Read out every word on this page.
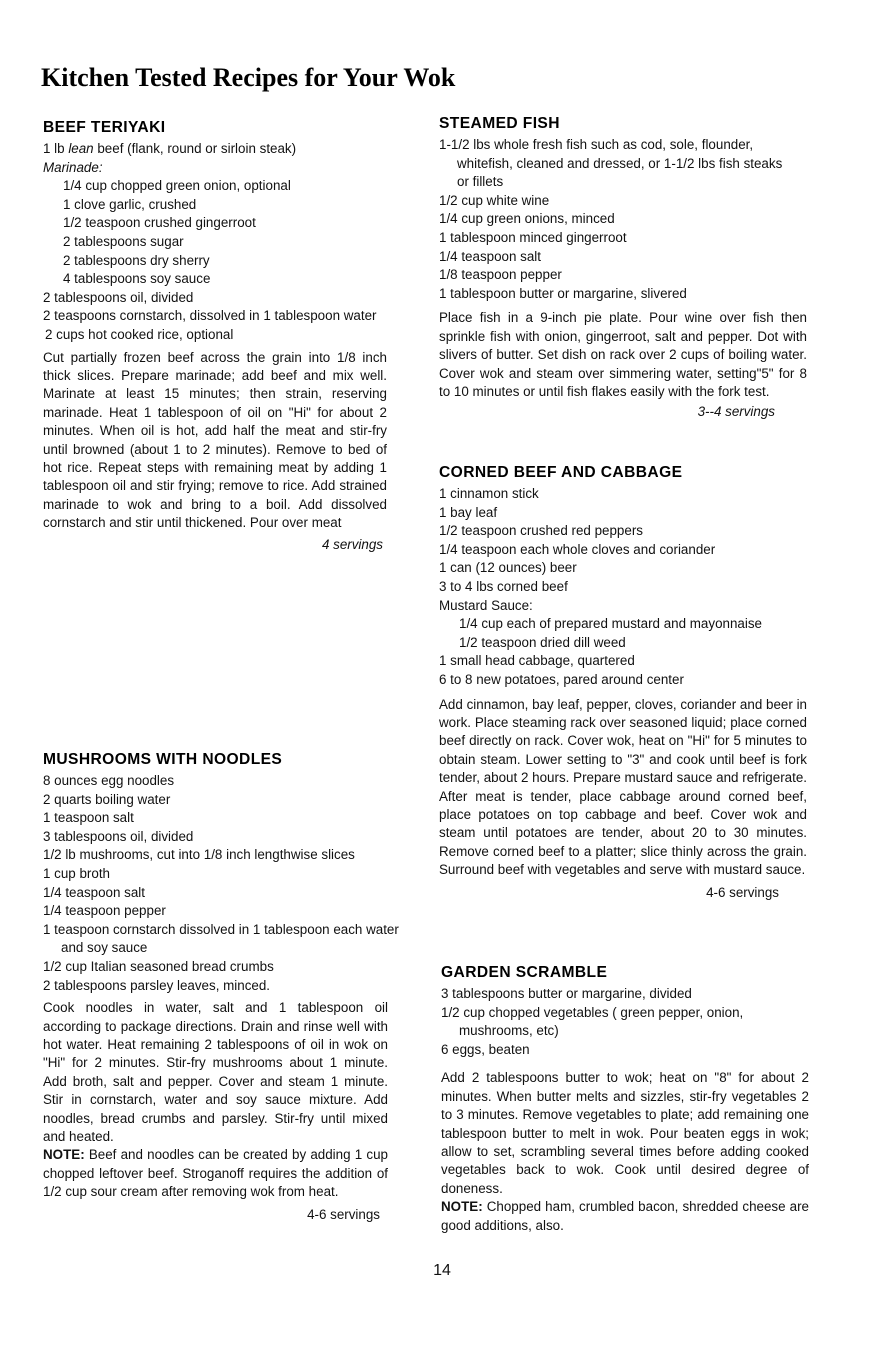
Kitchen Tested Recipes for Your Wok
BEEF TERIYAKI
1 lb lean beef (flank, round or sirloin steak)
Marinade:
1/4 cup chopped green onion, optional
1 clove garlic, crushed
1/2 teaspoon crushed gingerroot
2 tablespoons sugar
2 tablespoons dry sherry
4 tablespoons soy sauce
2 tablespoons oil, divided
2 teaspoons cornstarch, dissolved in 1 tablespoon water
2 cups hot cooked rice, optional

Cut partially frozen beef across the grain into 1/8 inch thick slices. Prepare marinade; add beef and mix well. Marinate at least 15 minutes; then strain, reserving marinade. Heat 1 tablespoon of oil on "Hi" for about 2 minutes. When oil is hot, add half the meat and stir-fry until browned (about 1 to 2 minutes). Remove to bed of hot rice. Repeat steps with remaining meat by adding 1 tablespoon oil and stir frying; remove to rice. Add strained marinade to wok and bring to a boil. Add dissolved cornstarch and stir until thickened. Pour over meat

4 servings

MUSHROOMS WITH NOODLES
8 ounces egg noodles
2 quarts boiling water
1 teaspoon salt
3 tablespoons oil, divided
1/2 lb mushrooms, cut into 1/8 inch lengthwise slices
1 cup broth
1/4 teaspoon salt
1/4 teaspoon pepper
1 teaspoon cornstarch dissolved in 1 tablespoon each water and soy sauce
1/2 cup Italian seasoned bread crumbs
2 tablespoons parsley leaves, minced.

Cook noodles in water, salt and 1 tablespoon oil according to package directions. Drain and rinse well with hot water. Heat remaining 2 tablespoons of oil in wok on "Hi" for 2 minutes. Stir-fry mushrooms about 1 minute. Add broth, salt and pepper. Cover and steam 1 minute. Stir in cornstarch, water and soy sauce mixture. Add noodles, bread crumbs and parsley. Stir-fry until mixed and heated.

NOTE: Beef and noodles can be created by adding 1 cup chopped leftover beef. Stroganoff requires the addition of 1/2 cup sour cream after removing wok from heat.

4-6 servings

STEAMED FISH
1-1/2 lbs whole fresh fish such as cod, sole, flounder, whitefish, cleaned and dressed, or 1-1/2 lbs fish steaks or fillets
1/2 cup white wine
1/4 cup green onions, minced
1 tablespoon minced gingerroot
1/4 teaspoon salt
1/8 teaspoon pepper
1 tablespoon butter or margarine, slivered

Place fish in a 9-inch pie plate. Pour wine over fish then sprinkle fish with onion, gingerroot, salt and pepper. Dot with slivers of butter. Set dish on rack over 2 cups of boiling water. Cover wok and steam over simmering water, setting"5" for 8 to 10 minutes or until fish flakes easily with the fork test.

3--4 servings

CORNED BEEF AND CABBAGE
1 cinnamon stick
1 bay leaf
1/2 teaspoon crushed red peppers
1/4 teaspoon each whole cloves and coriander
1 can (12 ounces) beer
3 to 4 lbs corned beef
Mustard Sauce:
1/4 cup each of prepared mustard and mayonnaise
1/2 teaspoon dried dill weed
1 small head cabbage, quartered
6 to 8 new potatoes, pared around center

Add cinnamon, bay leaf, pepper, cloves, coriander and beer in work. Place steaming rack over seasoned liquid; place corned beef directly on rack. Cover wok, heat on "Hi" for 5 minutes to obtain steam. Lower setting to "3" and cook until beef is fork tender, about 2 hours. Prepare mustard sauce and refrigerate. After meat is tender, place cabbage around corned beef, place potatoes on top cabbage and beef. Cover wok and steam until potatoes are tender, about 20 to 30 minutes. Remove corned beef to a platter; slice thinly across the grain. Surround beef with vegetables and serve with mustard sauce.

4-6 servings

GARDEN SCRAMBLE
3 tablespoons butter or margarine, divided
1/2 cup chopped vegetables ( green pepper, onion, mushrooms, etc)
6 eggs, beaten

Add 2 tablespoons butter to wok; heat on "8" for about 2 minutes. When butter melts and sizzles, stir-fry vegetables 2 to 3 minutes. Remove vegetables to plate; add remaining one tablespoon butter to melt in wok. Pour beaten eggs in wok; allow to set, scrambling several times before adding cooked vegetables back to wok. Cook until desired degree of doneness.

NOTE: Chopped ham, crumbled bacon, shredded cheese are good additions, also.

14
